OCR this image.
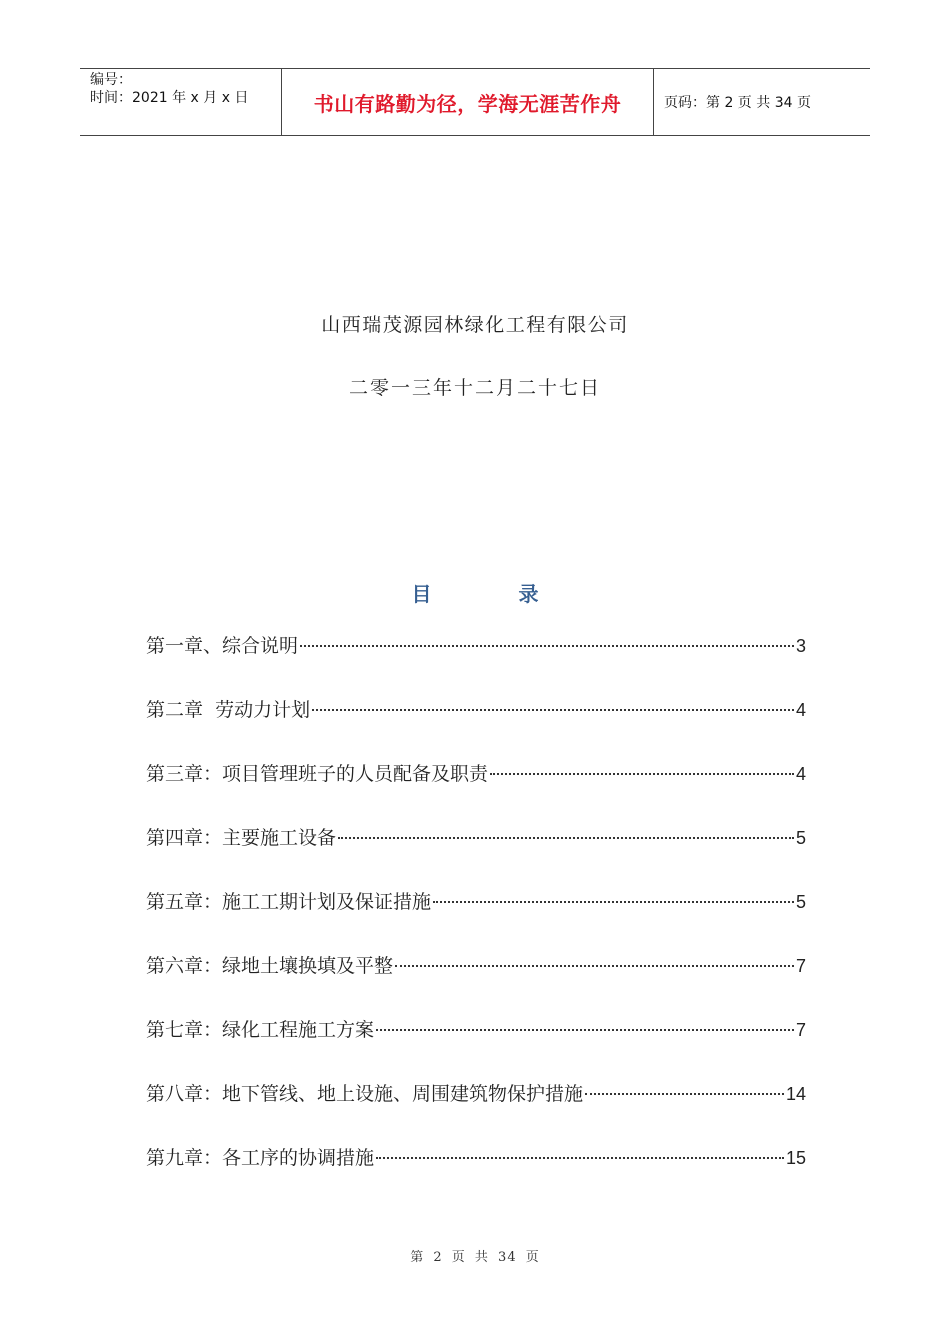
编号：
时间：2021 年 x 月 x 日	书山有路勤为径，学海无涯苦作舟	页码：第 2 页 共 34 页
山西瑞茂源园林绿化工程有限公司
二零一三年十二月二十七日
目 录
第一章、综合说明	3
第二章  劳动力计划	4
第三章：项目管理班子的人员配备及职责	4
第四章：主要施工设备	5
第五章：施工工期计划及保证措施	5
第六章：绿地土壤换填及平整	7
第七章：绿化工程施工方案	7
第八章：地下管线、地上设施、周围建筑物保护措施	14
第九章：各工序的协调措施	15
第 2 页 共 34 页
